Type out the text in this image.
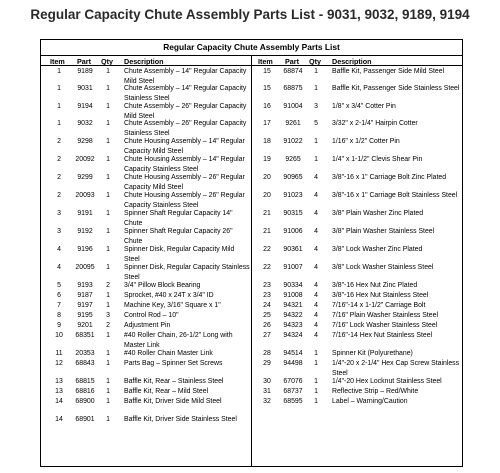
Regular Capacity Chute Assembly Parts List - 9031, 9032, 9189, 9194
Regular Capacity Chute Assembly Parts List
Item Part Qty Description	Item Part Qty Description
1	9189	1	Chute Assembly – 14" Regular Capacity Mild Steel
1	9031	1	Chute Assembly – 14" Regular Capacity Stainless Steel
1	9194	1	Chute Assembly – 26" Regular Capacity Mild Steel
1	9032	1	Chute Assembly – 26" Regular Capacity Stainless Steel
2	9298	1	Chute Housing Assembly – 14" Regular Capacity Mild Steel
2	20092	1	Chute Housing Assembly – 14" Regular Capacity Stainless Steel
2	9299	1	Chute Housing Assembly – 26" Regular Capacity Mild Steel
2	20093	1	Chute Housing Assembly – 26" Regular Capacity Stainless Steel
3	9191	1	Spinner Shaft Regular Capacity 14" Chute
3	9192	1	Spinner Shaft Regular Capacity 26" Chute
4	9196	1	Spinner Disk, Regular Capacity Mild Steel
4	20095	1	Spinner Disk, Regular Capacity Stainless Steel
5	9193	2	3/4" Pillow Block Bearing
6	9187	1	Sprocket, #40 x 24T x 3/4" ID
7	9197	1	Machine Key, 3/16" Square x 1"
8	9195	3	Control Rod – 10"
9	9201	2	Adjustment Pin
10	68351	1	#40 Roller Chain, 26-1/2" Long with Master Link
11	20353	1	#40 Roller Chain Master Link
12	68843	1	Parts Bag – Spinner Set Screws
13	68815	1	Baffle Kit, Rear – Stainless Steel
13	68816	1	Baffle Kit, Rear – Mild Steel
14	68900	1	Baffle Kit, Driver Side Mild Steel
14	68901	1	Baffle Kit, Driver Side Stainless Steel
15	68874	1	Baffle Kit, Passenger Side Mild Steel
15	68875	1	Baffle Kit, Passenger Side Stainless Steel
16	91004	3	1/8" x 3/4" Cotter Pin
17	9261	5	3/32" x 2-1/4" Hairpin Cotter
18	91022	1	1/16" x 1/2" Cotter Pin
19	9265	1	1/4" x 1-1/2" Clevis Shear Pin
20	90965	4	3/8"-16 x 1" Carriage Bolt Zinc Plated
20	91023	4	3/8"-16 x 1" Carriage Bolt Stainless Steel
21	90315	4	3/8" Plain Washer Zinc Plated
21	91006	4	3/8" Plain Washer Stainless Steel
22	90361	4	3/8" Lock Washer Zinc Plated
22	91007	4	3/8" Lock Washer Stainless Steel
23	90334	4	3/8"-16 Hex Nut Zinc Plated
23	91008	4	3/8"-16 Hex Nut Stainless Steel
24	94321	4	7/16"-14 x 1-1/2" Carriage Bolt
25	94322	4	7/16" Plain Washer Stainless Steel
26	94323	4	7/16" Lock Washer Stainless Steel
27	94324	4	7/16"-14 Hex Nut Stainless Steel
28	94514	1	Spinner Kit (Polyurethane)
29	94498	1	1/4"-20 x 2-1/4" Hex Cap Screw Stainless Steel
30	67076	1	1/4"-20 Hex Locknut Stainless Steel
31	68737	1	Reflective Strip – Red/White
32	68595	1	Label – Warning/Caution
